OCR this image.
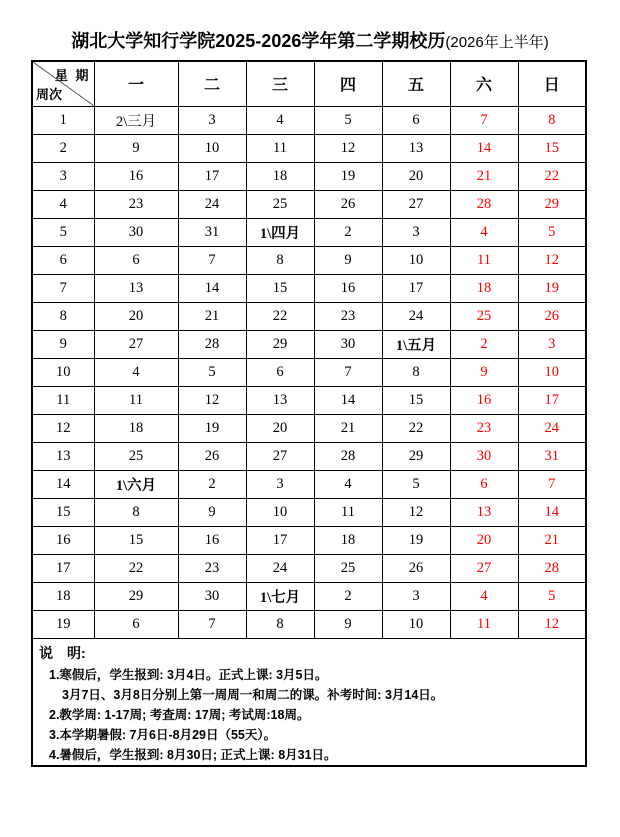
湖北大学知行学院2025-2026学年第二学期校历(2026年上半年)
星 期
周次	一	二	三	四	五	六	日
1	2\三月	3	4	5	6	7	8
2	9	10	11	12	13	14	15
3	16	17	18	19	20	21	22
4	23	24	25	26	27	28	29
5	30	31	1\四月	2	3	4	5
6	6	7	8	9	10	11	12
7	13	14	15	16	17	18	19
8	20	21	22	23	24	25	26
9	27	28	29	30	1\五月	2	3
10	4	5	6	7	8	9	10
11	11	12	13	14	15	16	17
12	18	19	20	21	22	23	24
13	25	26	27	28	29	30	31
14	1\六月	2	3	4	5	6	7
15	8	9	10	11	12	13	14
16	15	16	17	18	19	20	21
17	22	23	24	25	26	27	28
18	29	30	1\七月	2	3	4	5
19	6	7	8	9	10	11	12

说　明:
1.寒假后，学生报到: 3月4日。正式上课: 3月5日。
3月7日、3月8日分别上第一周周一和周二的课。补考时间: 3月14日。
2.教学周: 1-17周; 考查周: 17周; 考试周:18周。
3.本学期暑假: 7月6日-8月29日（55天）。
4.暑假后，学生报到: 8月30日; 正式上课: 8月31日。
